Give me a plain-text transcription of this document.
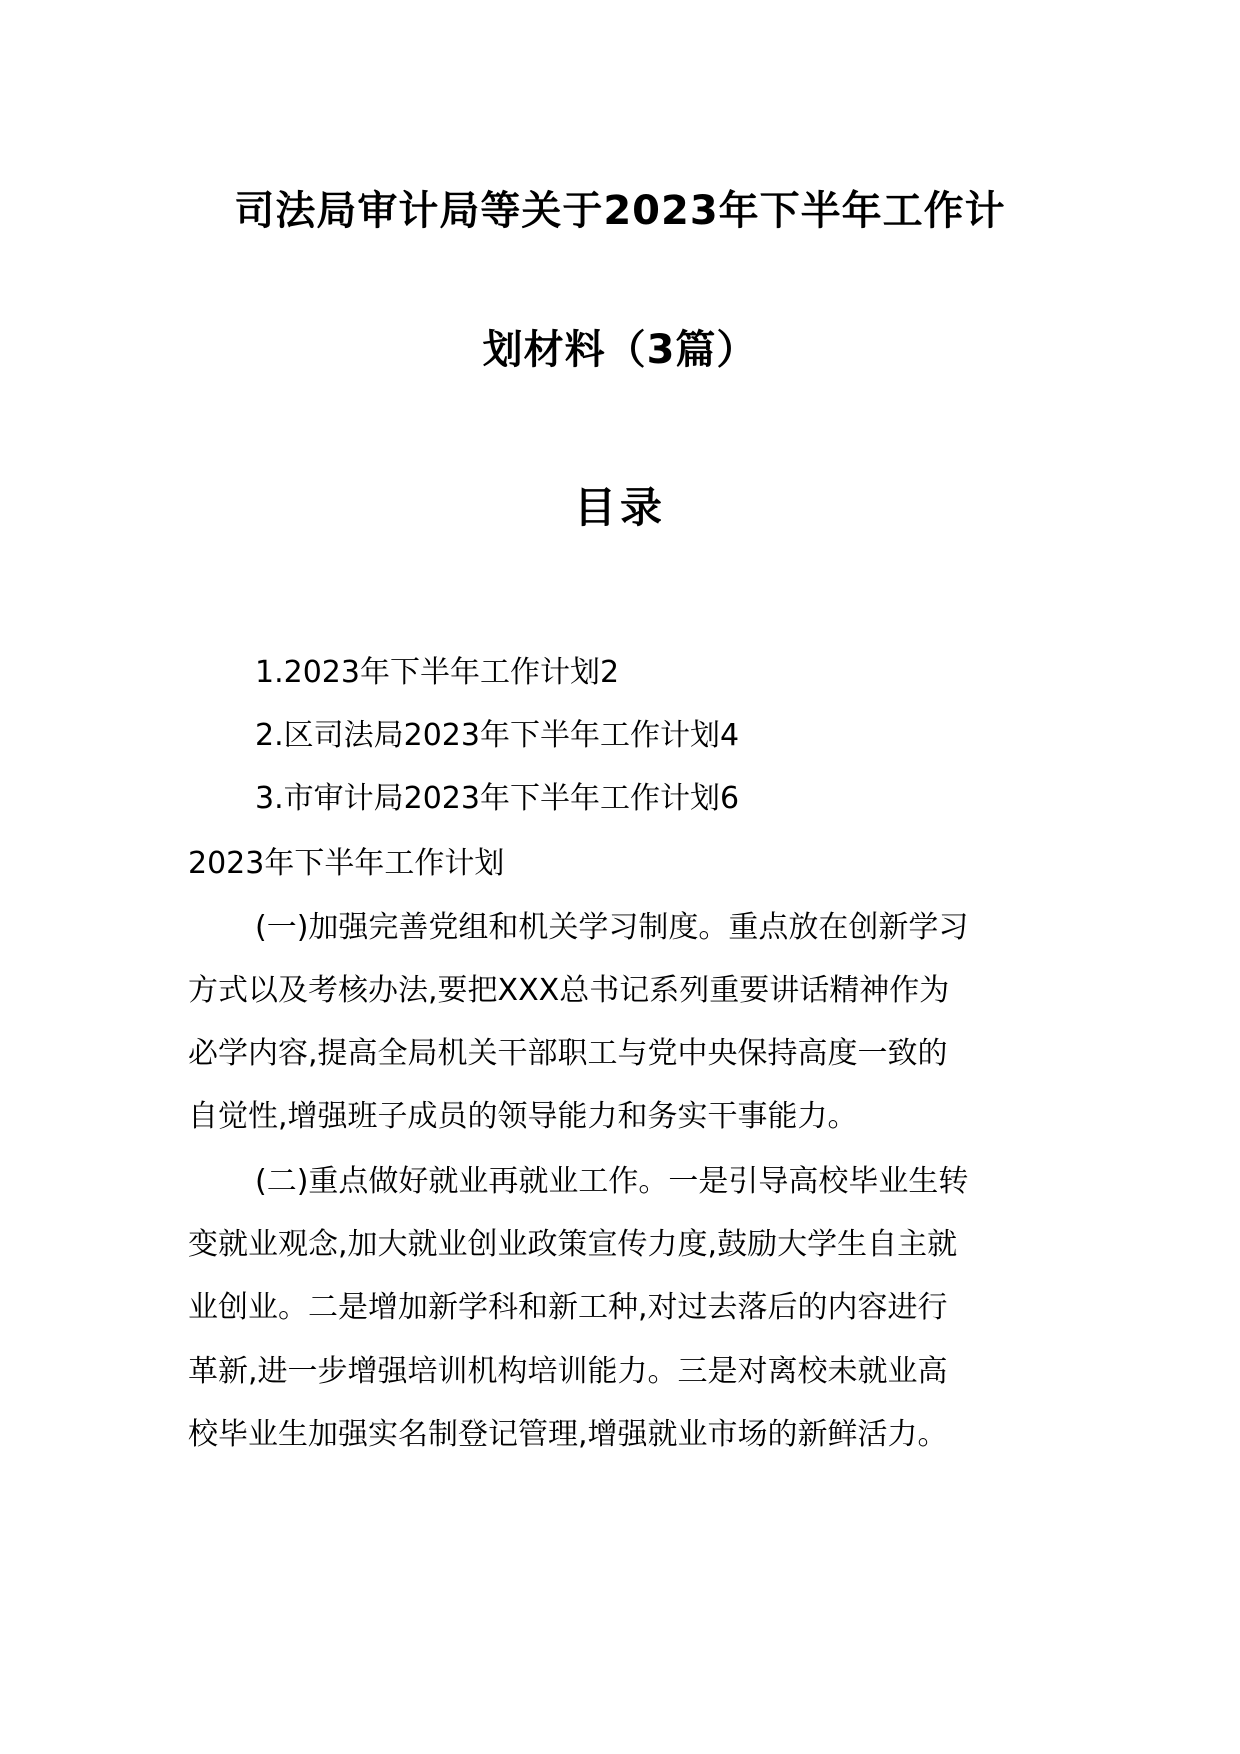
司法局审计局等关于2023年下半年工作计
划材料（3篇）
目录
1.2023年下半年工作计划2
2.区司法局2023年下半年工作计划4
3.市审计局2023年下半年工作计划6
2023年下半年工作计划
(一)加强完善党组和机关学习制度。重点放在创新学习
方式以及考核办法,要把XXX总书记系列重要讲话精神作为
必学内容,提高全局机关干部职工与党中央保持高度一致的
自觉性,增强班子成员的领导能力和务实干事能力。
(二)重点做好就业再就业工作。一是引导高校毕业生转
变就业观念,加大就业创业政策宣传力度,鼓励大学生自主就
业创业。二是增加新学科和新工种,对过去落后的内容进行
革新,进一步增强培训机构培训能力。三是对离校未就业高
校毕业生加强实名制登记管理,增强就业市场的新鲜活力。
